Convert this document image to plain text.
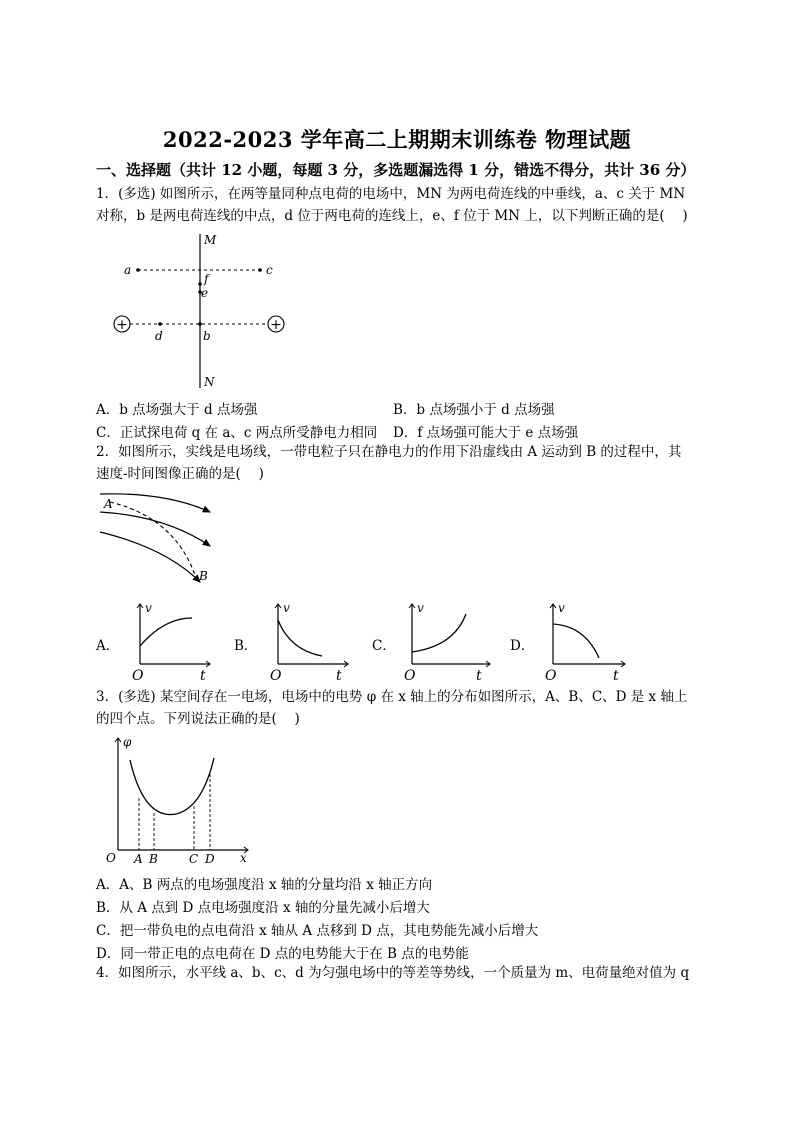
2022-2023 学年高二上期期末训练卷 物理试题
一、选择题（共计 12 小题，每题 3 分，多选题漏选得 1 分，错选不得分，共计 36 分）
1．(多选) 如图所示，在两等量同种点电荷的电场中，MN 为两电荷连线的中垂线，a、c 关于 MN
对称，b 是两电荷连线的中点，d 位于两电荷的连线上，e、f 位于 MN 上，以下判断正确的是(　 )
+	+
M
N
a	c
f
e
d	b
A．b 点场强大于 d 点场强	B．b 点场强小于 d 点场强
C．正试探电荷 q 在 a、c 两点所受静电力相同 D．f 点场强可能大于 e 点场强
2．如图所示，实线是电场线，一带电粒子只在静电力的作用下沿虚线由 A 运动到 B 的过程中，其
速度-时间图像正确的是(　 )
A
B
A．
v
O	t
B．
v
O	t
C．
v
O	t
D．
v
O	t
3．(多选) 某空间存在一电场，电场中的电势 φ 在 x 轴上的分布如图所示，A、B、C、D 是 x 轴上
的四个点。下列说法正确的是(　 )
φ
O A B	C D x
A．A、B 两点的电场强度沿 x 轴的分量均沿 x 轴正方向
B．从 A 点到 D 点电场强度沿 x 轴的分量先减小后增大
C．把一带负电的点电荷沿 x 轴从 A 点移到 D 点，其电势能先减小后增大
D．同一带正电的点电荷在 D 点的电势能大于在 B 点的电势能
4．如图所示，水平线 a、b、c、d 为匀强电场中的等差等势线，一个质量为 m、电荷量绝对值为 q
